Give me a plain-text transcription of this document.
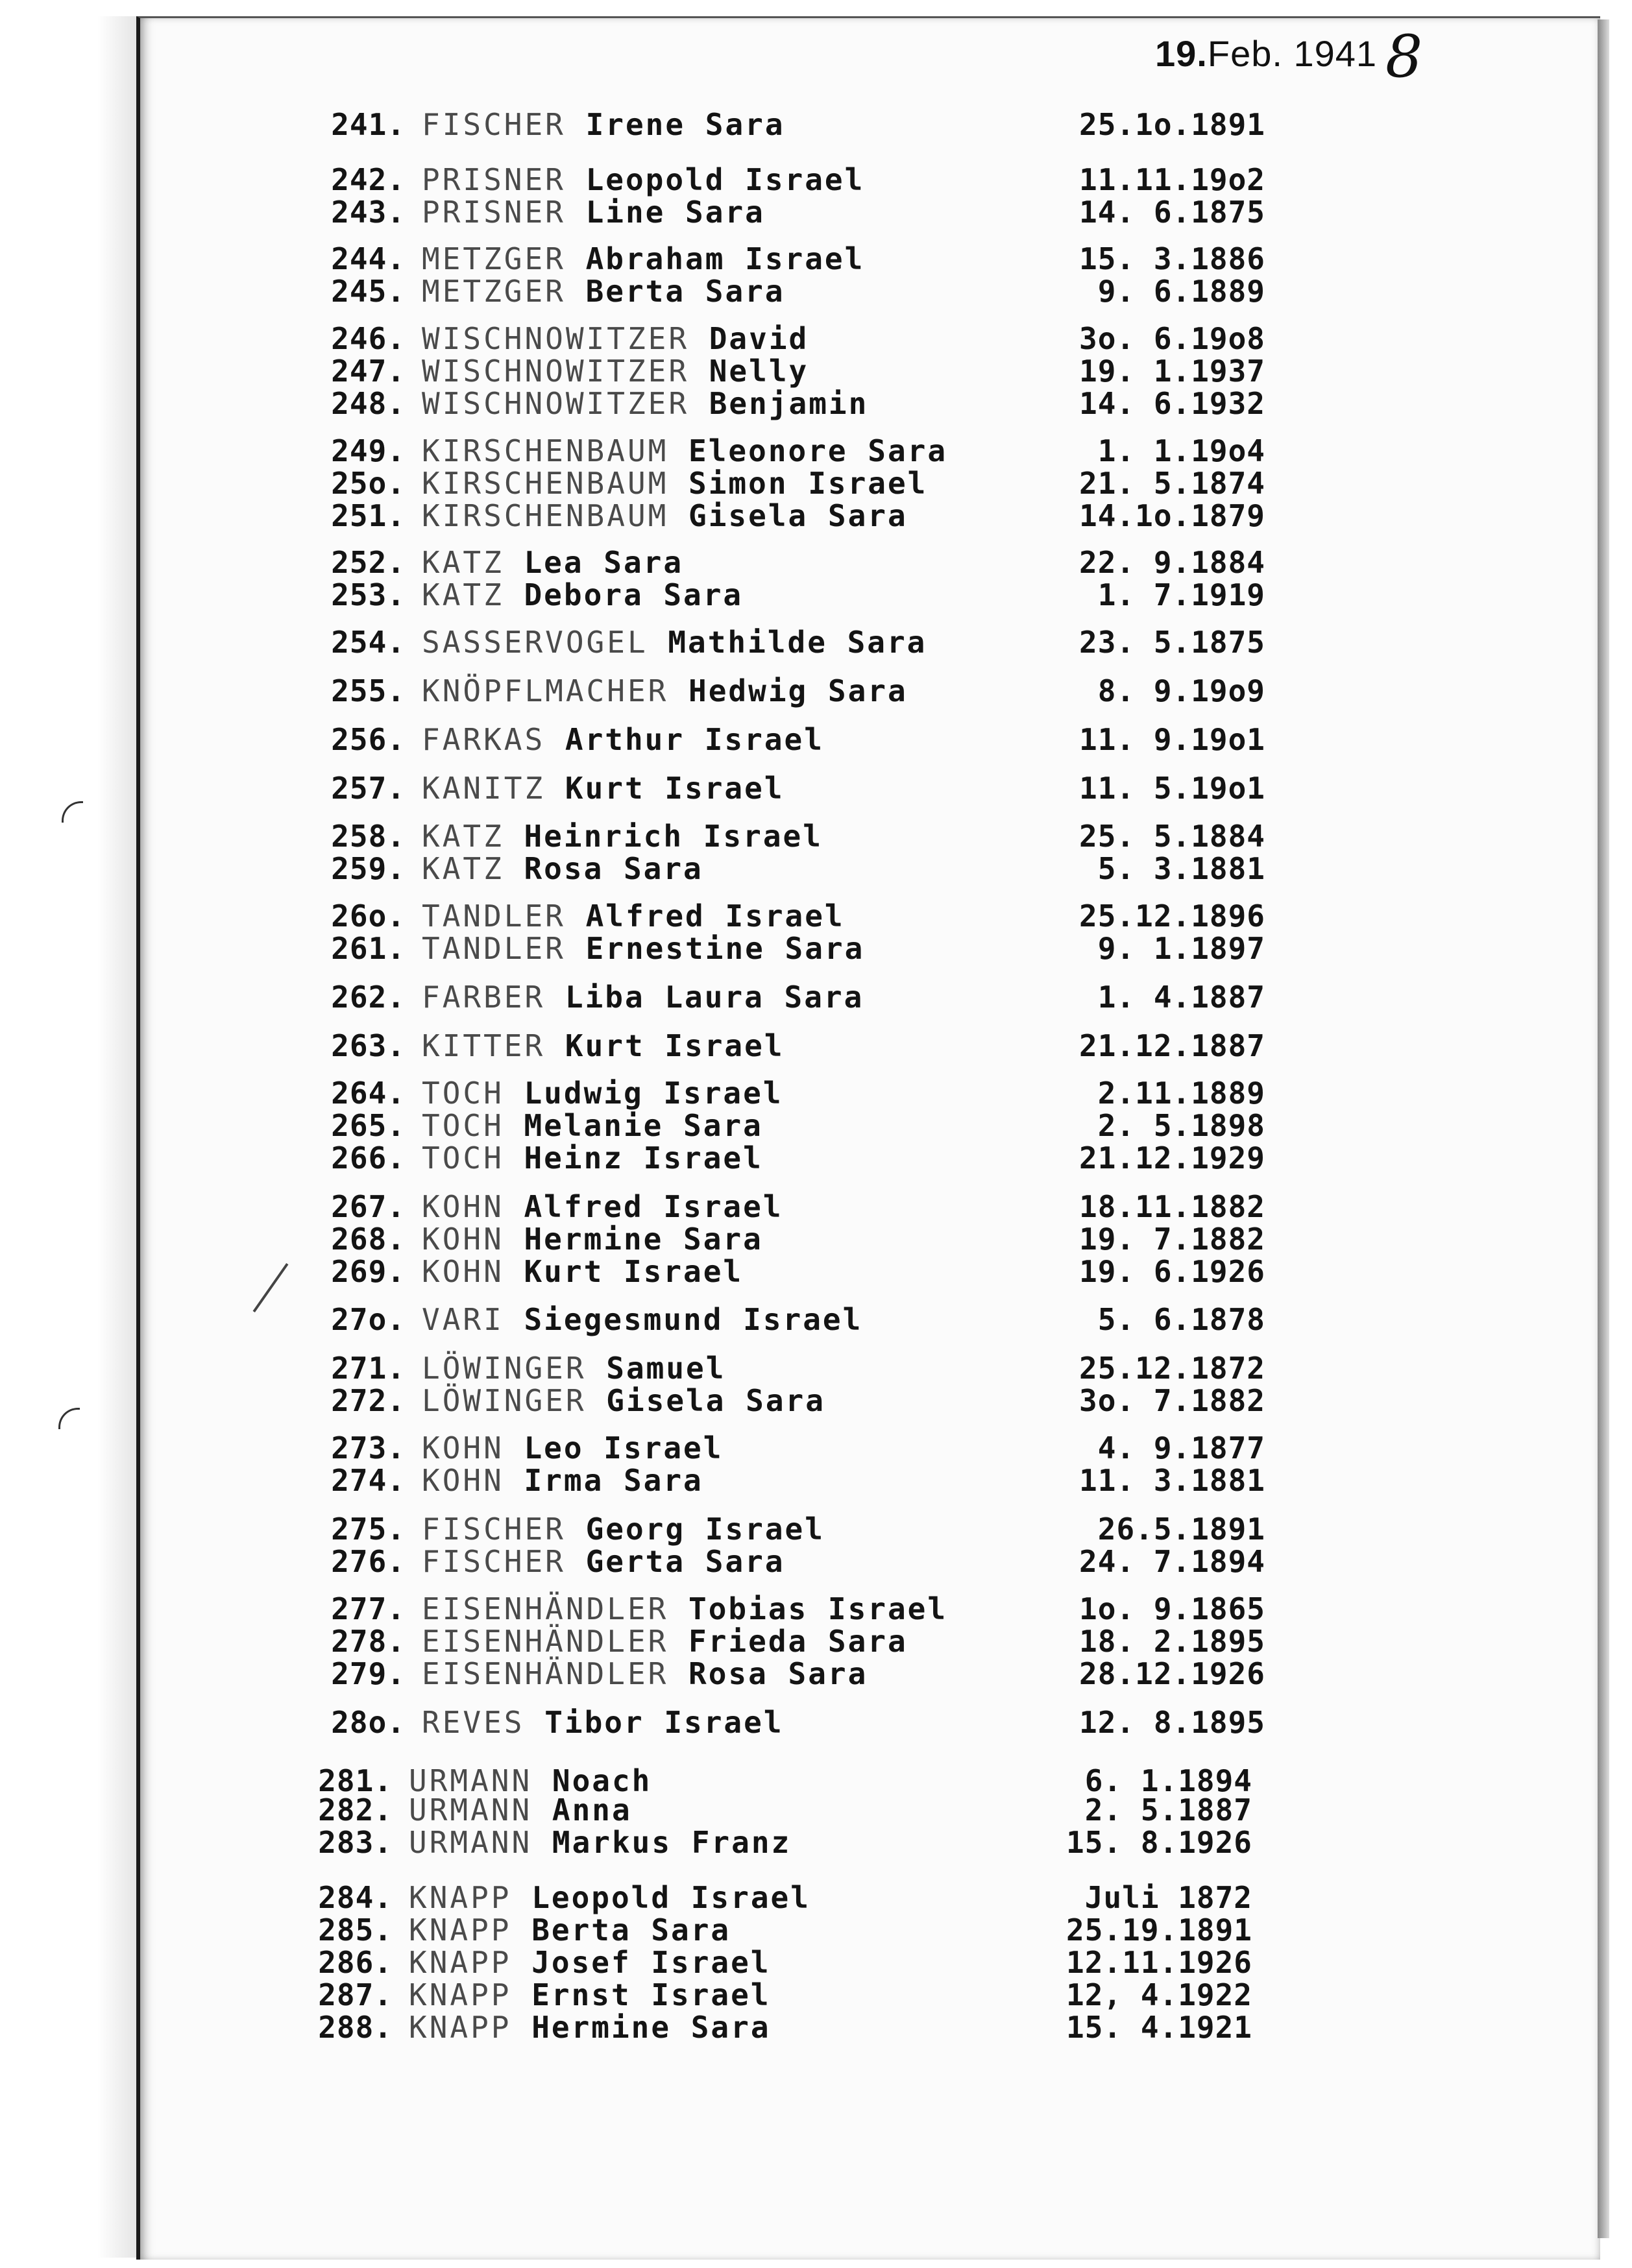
19.Feb. 1941 8
241. FISCHER Irene Sara	25.1o.1891
242. PRISNER Leopold Israel	11.11.19o2
243. PRISNER Line Sara	14. 6.1875
244. METZGER Abraham Israel	15. 3.1886
245. METZGER Berta Sara	9. 6.1889
246. WISCHNOWITZER David	3o. 6.19o8
247. WISCHNOWITZER Nelly	19. 1.1937
248. WISCHNOWITZER Benjamin	14. 6.1932
249. KIRSCHENBAUM Eleonore Sara	1. 1.19o4
25o. KIRSCHENBAUM Simon Israel	21. 5.1874
251. KIRSCHENBAUM Gisela Sara	14.1o.1879
252. KATZ Lea Sara	22. 9.1884
253. KATZ Debora Sara	1. 7.1919
254. SASSERVOGEL Mathilde Sara	23. 5.1875
255. KNÖPFLMACHER Hedwig Sara	8. 9.19o9
256. FARKAS Arthur Israel	11. 9.19o1
257. KANITZ Kurt Israel	11. 5.19o1
258. KATZ Heinrich Israel	25. 5.1884
259. KATZ Rosa Sara	5. 3.1881
26o. TANDLER Alfred Israel	25.12.1896
261. TANDLER Ernestine Sara	9. 1.1897
262. FARBER Liba Laura Sara	1. 4.1887
263. KITTER Kurt Israel	21.12.1887
264. TOCH Ludwig Israel	2.11.1889
265. TOCH Melanie Sara	2. 5.1898
266. TOCH Heinz Israel	21.12.1929
267. KOHN Alfred Israel	18.11.1882
268. KOHN Hermine Sara	19. 7.1882
269. KOHN Kurt Israel	19. 6.1926
27o. VARI Siegesmund Israel	5. 6.1878
271. LÖWINGER Samuel	25.12.1872
272. LÖWINGER Gisela Sara	3o. 7.1882
273. KOHN Leo Israel	4. 9.1877
274. KOHN Irma Sara	11. 3.1881
275. FISCHER Georg Israel	26.5.1891
276. FISCHER Gerta Sara	24. 7.1894
277. EISENHÄNDLER Tobias Israel	1o. 9.1865
278. EISENHÄNDLER Frieda Sara	18. 2.1895
279. EISENHÄNDLER Rosa Sara	28.12.1926
28o. REVES Tibor Israel	12. 8.1895
281. URMANN Noach	6. 1.1894
282. URMANN Anna	2. 5.1887
283. URMANN Markus Franz	15. 8.1926
284. KNAPP Leopold Israel	Juli 1872
285. KNAPP Berta Sara	25.19.1891
286. KNAPP Josef Israel	12.11.1926
287. KNAPP Ernst Israel	12, 4.1922
288. KNAPP Hermine Sara	15. 4.1921
